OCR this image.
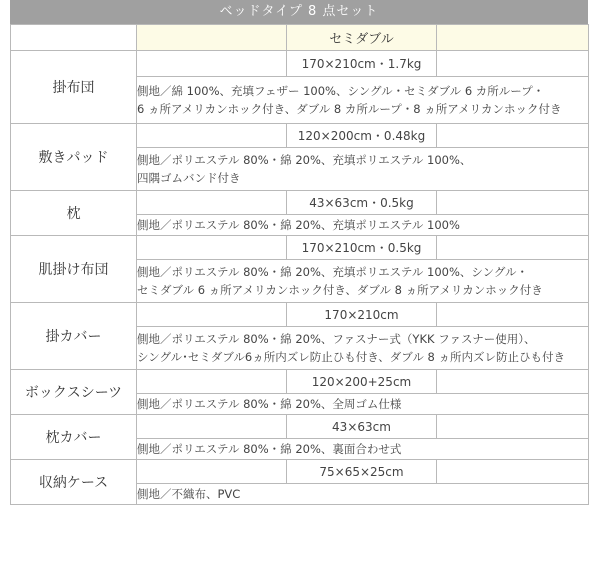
ベッドタイプ 8 点セット
		セミダブル	
掛布団		170×210cm・1.7kg	

	側地／綿 100%、充填フェザー 100%、シングル・セミダブル 6 カ所ループ・
6 ヵ所アメリカンホック付き、ダブル 8 カ所ループ・8 ヵ所アメリカンホック付き		

敷きパッド		120×200cm・0.48kg	

	側地／ポリエステル 80%・綿 20%、充填ポリエステル 100%、
四隅ゴムバンド付き		

枕		43×63cm・0.5kg	

	側地／ポリエステル 80%・綿 20%、充填ポリエステル 100%		

肌掛け布団		170×210cm・0.5kg	

	側地／ポリエステル 80%・綿 20%、充填ポリエステル 100%、シングル・
セミダブル 6 ヵ所アメリカンホック付き、ダブル 8 ヵ所アメリカンホック付き		

掛カバー		170×210cm	

	側地／ポリエステル 80%・綿 20%、ファスナー式（YKK ファスナー使用）、
シングル･セミダブル6ヵ所内ズレ防止ひも付き、ダブル 8 ヵ所内ズレ防止ひも付き		

ボックスシーツ		120×200+25cm	

	側地／ポリエステル 80%・綿 20%、全周ゴム仕様		

枕カバー		43×63cm	

	側地／ポリエステル 80%・綿 20%、裏面合わせ式		

収納ケース		75×65×25cm	

	側地／不織布、PVC		
